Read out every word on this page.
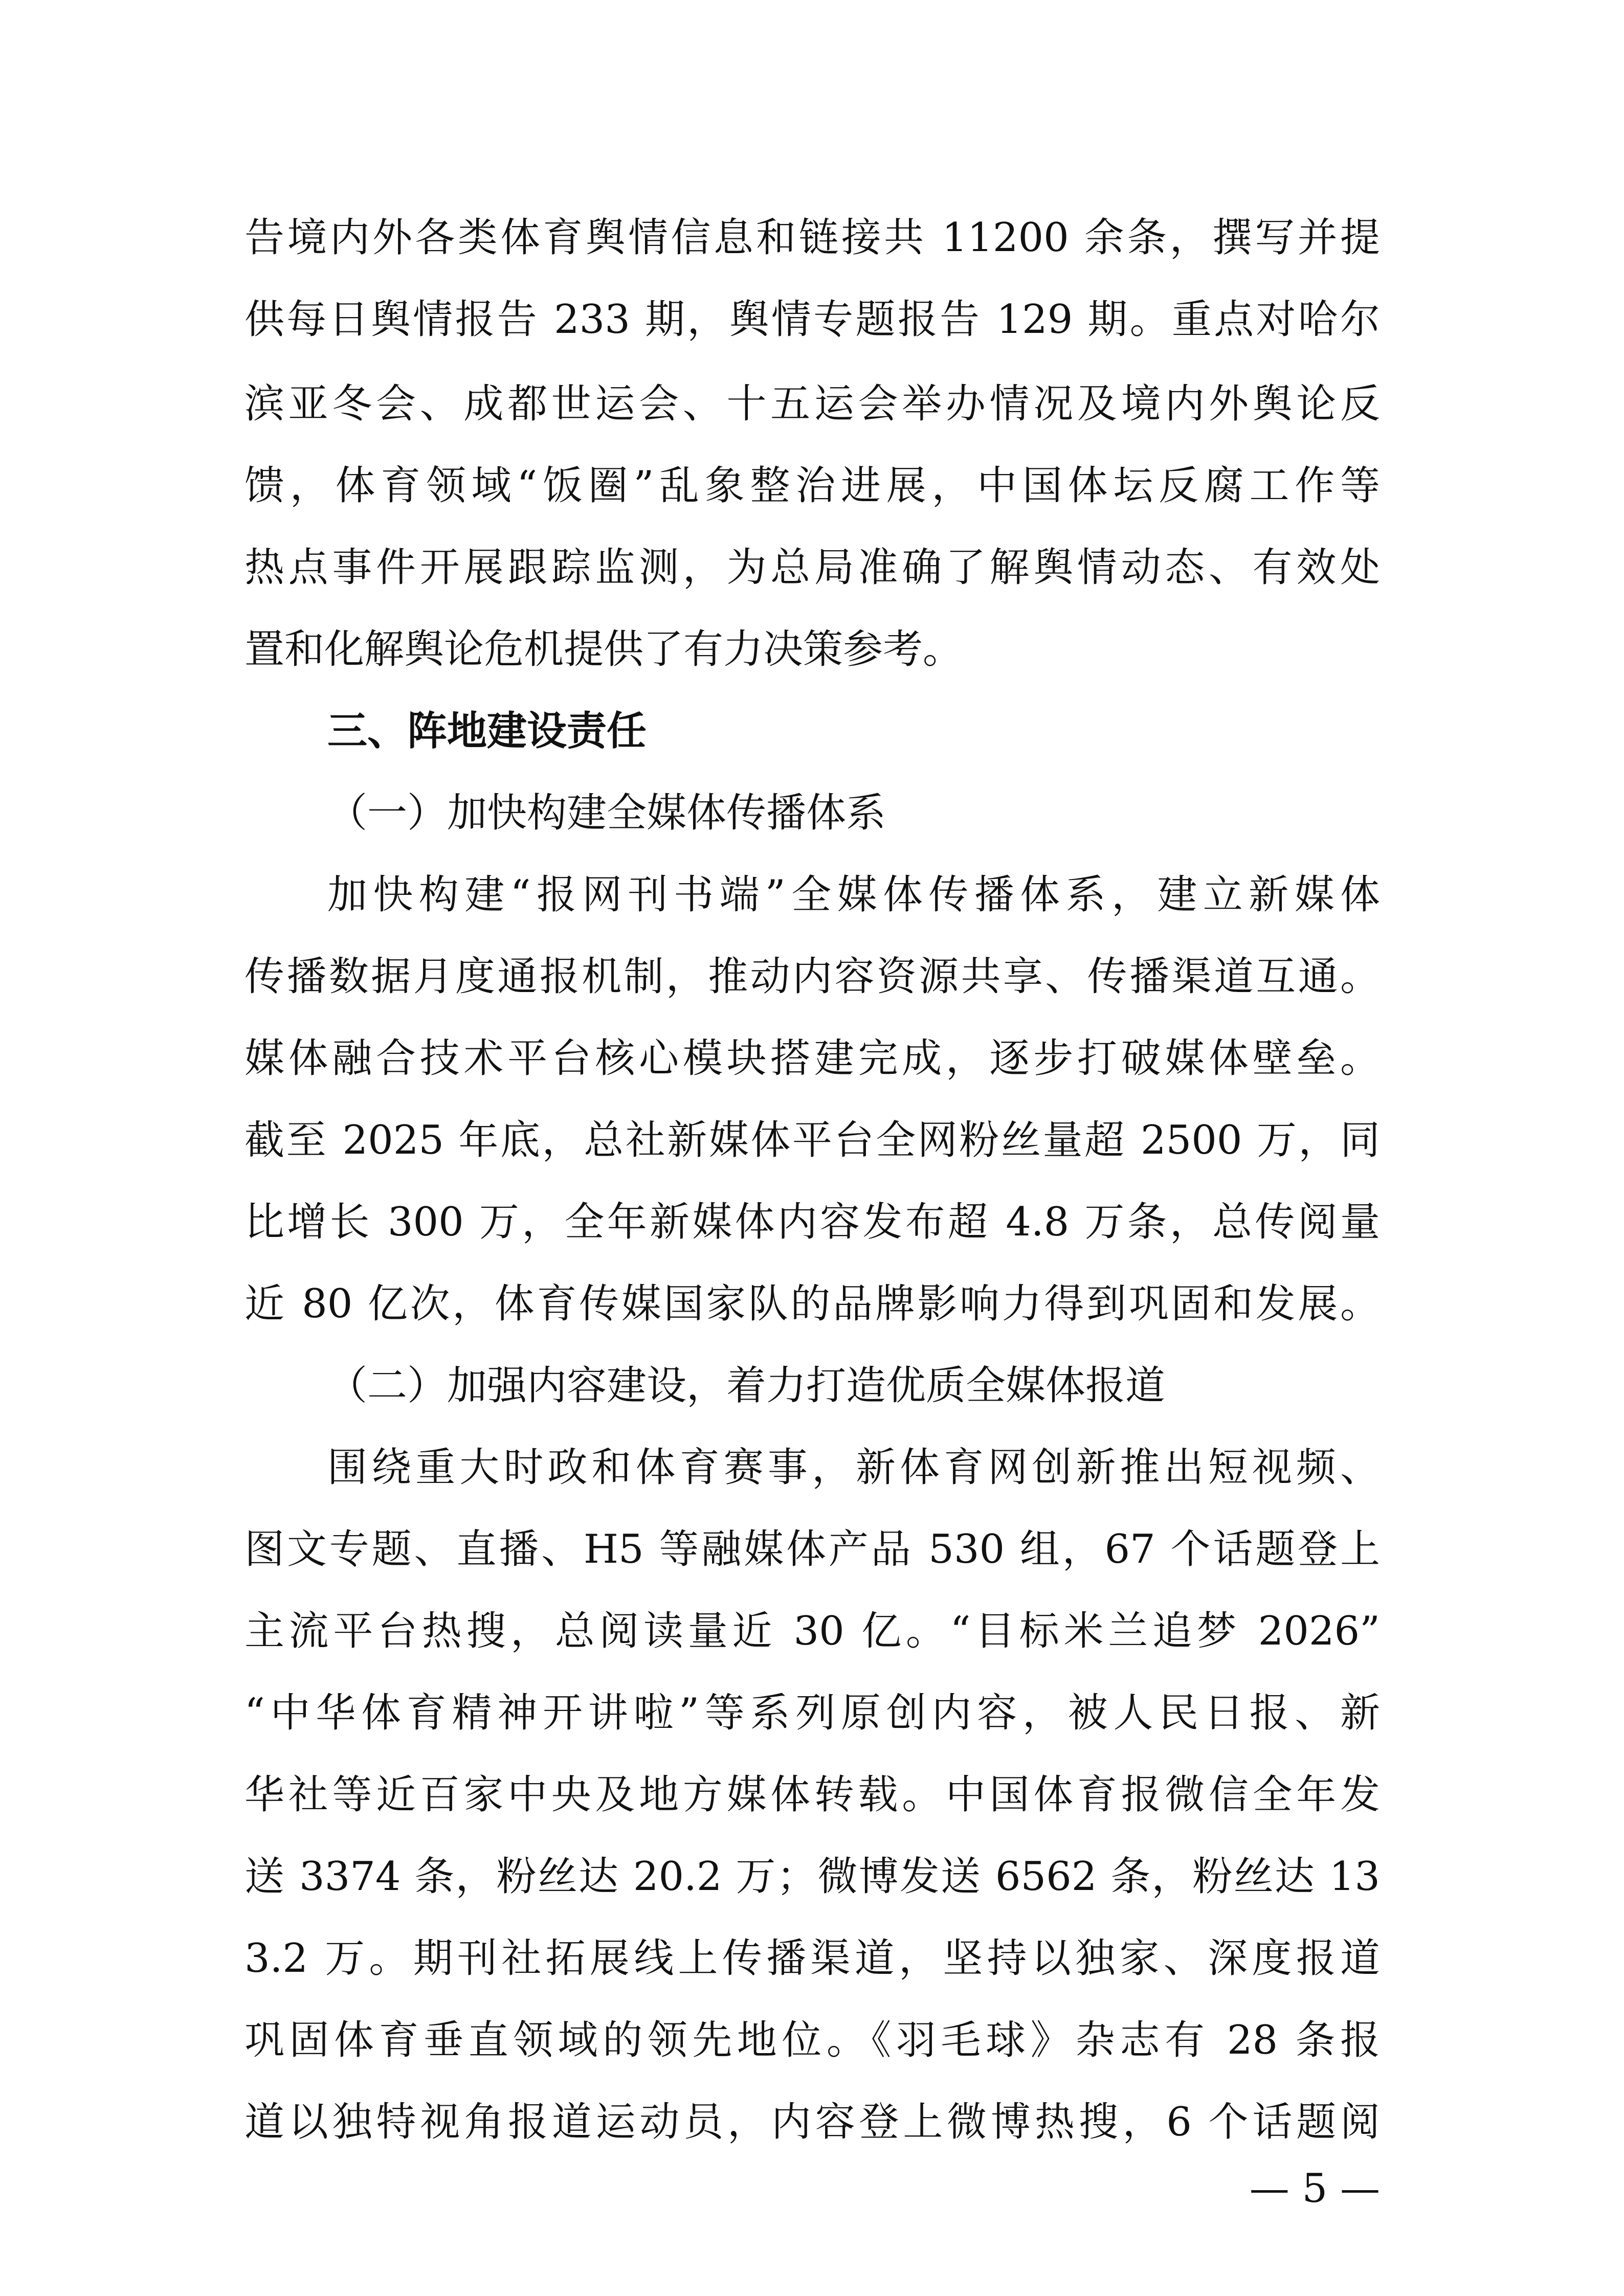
告境内外各类体育舆情信息和链接共 11200 余条，撰写并提
供每日舆情报告 233 期，舆情专题报告 129 期。重点对哈尔
滨亚冬会、成都世运会、十五运会举办情况及境内外舆论反
馈，体育领域“饭圈”乱象整治进展，中国体坛反腐工作等
热点事件开展跟踪监测，为总局准确了解舆情动态、有效处
置和化解舆论危机提供了有力决策参考。
三、阵地建设责任
（一）加快构建全媒体传播体系
加快构建“报网刊书端”全媒体传播体系，建立新媒体
传播数据月度通报机制，推动内容资源共享、传播渠道互通。
媒体融合技术平台核心模块搭建完成，逐步打破媒体壁垒。
截至 2025 年底，总社新媒体平台全网粉丝量超 2500 万，同
比增长 300 万，全年新媒体内容发布超 4.8 万条，总传阅量
近 80 亿次，体育传媒国家队的品牌影响力得到巩固和发展。
（二）加强内容建设，着力打造优质全媒体报道
围绕重大时政和体育赛事，新体育网创新推出短视频、
图文专题、直播、H5 等融媒体产品 530 组，67 个话题登上
主流平台热搜，总阅读量近 30 亿。“目标米兰追梦 2026”
“中华体育精神开讲啦”等系列原创内容，被人民日报、新
华社等近百家中央及地方媒体转载。中国体育报微信全年发
送 3374 条，粉丝达 20.2 万；微博发送 6562 条，粉丝达 13
3.2 万。期刊社拓展线上传播渠道，坚持以独家、深度报道
巩固体育垂直领域的领先地位。《羽毛球》杂志有 28 条报
道以独特视角报道运动员，内容登上微博热搜，6 个话题阅
— 5 —
